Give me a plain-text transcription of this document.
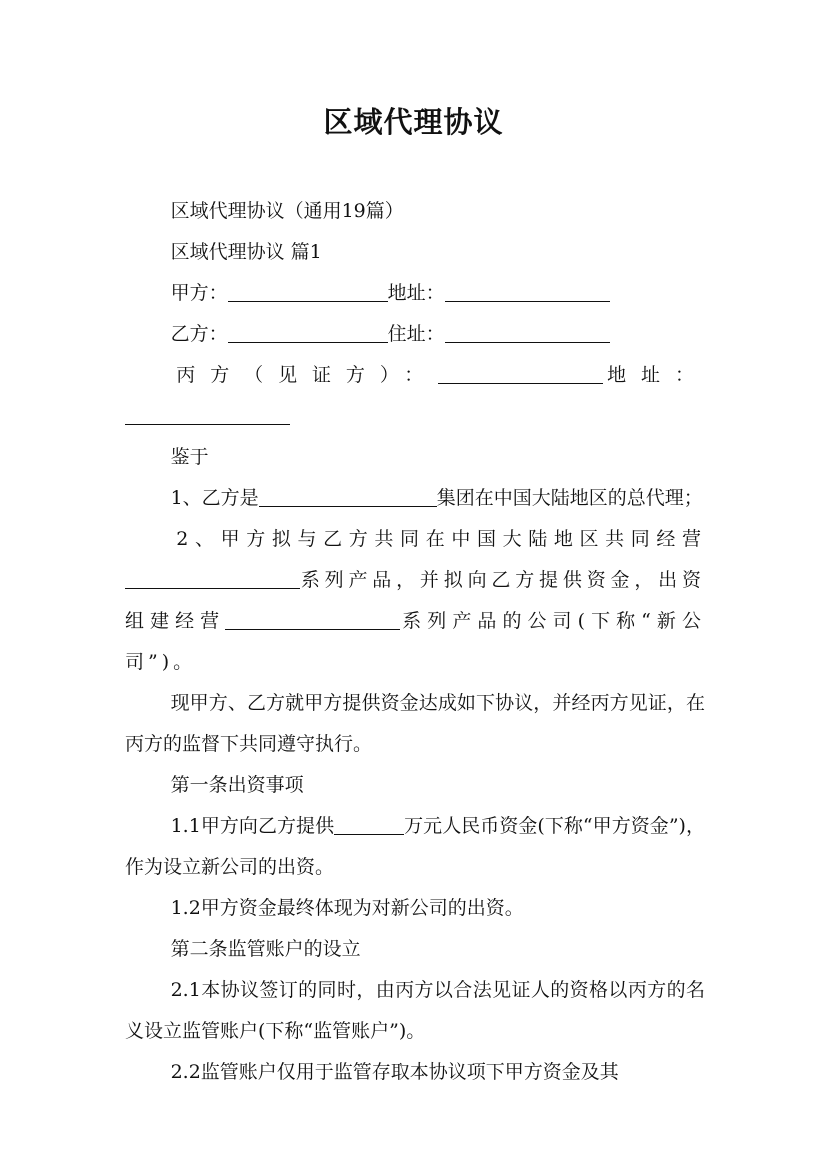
区域代理协议

区域代理协议（通用19篇）

区域代理协议 篇1

甲方：	地址：

乙方：	住址：

丙方（见证方）：	地址：

鉴于

1、乙方是	集团在中国大陆地区的总代理；

2、甲方拟与乙方共同在中国大陆地区共同经营系列产品，并拟向乙方提供资金，出资组建经营	系列产品的公司(下称“新公司”)。

现甲方、乙方就甲方提供资金达成如下协议，并经丙方见证，在丙方的监督下共同遵守执行。

第一条出资事项

1.1甲方向乙方提供	万元人民币资金(下称“甲方资金”)，作为设立新公司的出资。

1.2甲方资金最终体现为对新公司的出资。

第二条监管账户的设立

2.1本协议签订的同时，由丙方以合法见证人的资格以丙方的名义设立监管账户(下称“监管账户”)。

2.2监管账户仅用于监管存取本协议项下甲方资金及其
